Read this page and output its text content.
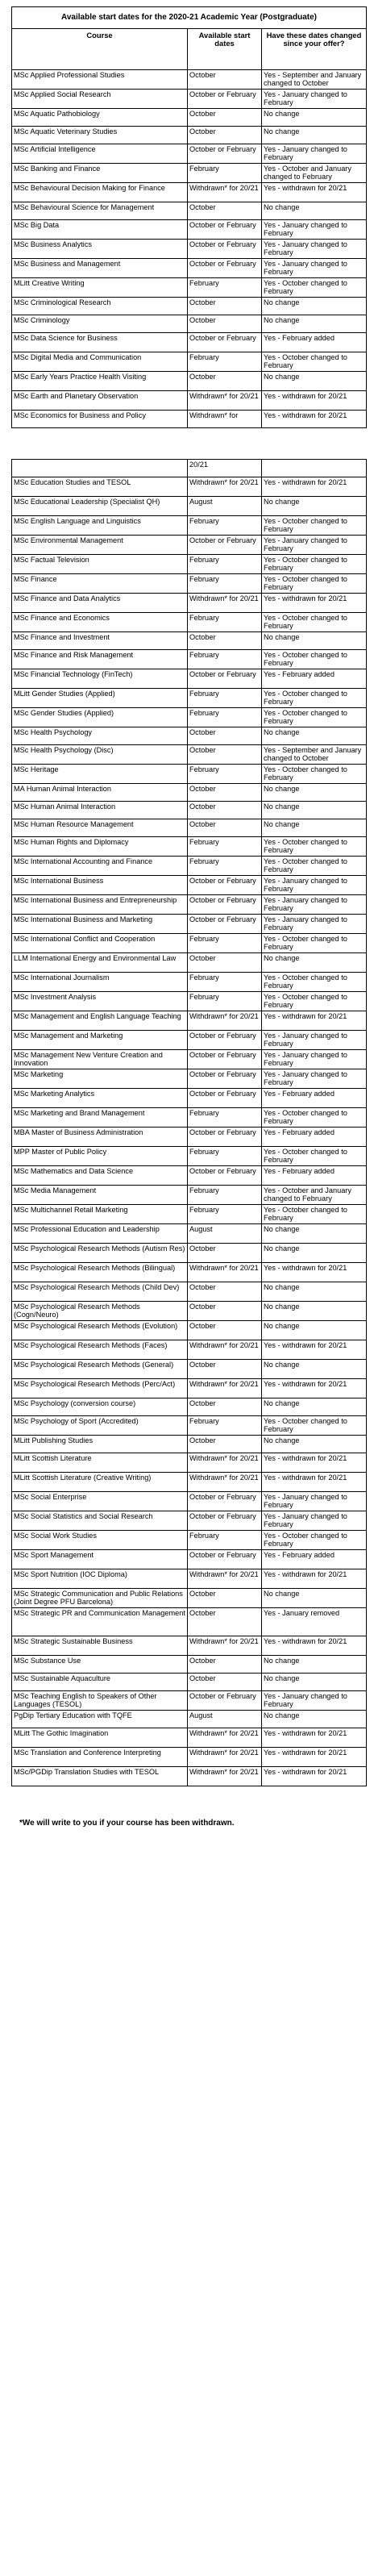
Available start dates for the 2020-21 Academic Year (Postgraduate)		
Course	Available start dates	Have these dates changed since your offer?
MSc Applied Professional Studies	October	Yes - September and January changed to October
MSc Applied Social Research	October or February	Yes - January changed to February
MSc Aquatic Pathobiology	October	No change
MSc Aquatic Veterinary Studies	October	No change
MSc Artificial Intelligence	October or February	Yes - January changed to February
MSc Banking and Finance	February	Yes - October and January changed to February
MSc Behavioural Decision Making for Finance	Withdrawn* for 20/21	Yes - withdrawn for 20/21
MSc Behavioural Science for Management	October	No change
MSc Big Data	October or February	Yes - January changed to February
MSc Business Analytics	October or February	Yes - January changed to February
MSc Business and Management	October or February	Yes - January changed to February
MLitt Creative Writing	February	Yes - October changed to February
MSc Criminological Research	October	No change
MSc Criminology	October	No change
MSc Data Science for Business	October or February	Yes - February added
MSc Digital Media and Communication	February	Yes - October changed to February
MSc Early Years Practice Health Visiting	October	No change
MSc Earth and Planetary Observation	Withdrawn* for 20/21	Yes - withdrawn for 20/21
MSc Economics for Business and Policy	Withdrawn* for	Yes - withdrawn for 20/21
	20/21	
MSc Education Studies and TESOL	Withdrawn* for 20/21	Yes - withdrawn for 20/21
MSc Educational Leadership (Specialist QH)	August	No change
MSc English Language and Linguistics	February	Yes - October changed to February
MSc Environmental Management	October or February	Yes - January changed to February
MSc Factual Television	February	Yes - October changed to February
MSc Finance	February	Yes - October changed to February
MSc Finance and Data Analytics	Withdrawn* for 20/21	Yes - withdrawn for 20/21
MSc Finance and Economics	February	Yes - October changed to February
MSc Finance and Investment	October	No change
MSc Finance and Risk Management	February	Yes - October changed to February
MSc Financial Technology (FinTech)	October or February	Yes - February added
MLitt Gender Studies (Applied)	February	Yes - October changed to February
MSc Gender Studies (Applied)	February	Yes - October changed to February
MSc Health Psychology	October	No change
MSc Health Psychology (Disc)	October	Yes - September and January changed to October
MSc Heritage	February	Yes - October changed to February
MA Human Animal Interaction	October	No change
MSc Human Animal Interaction	October	No change
MSc Human Resource Management	October	No change
MSc Human Rights and Diplomacy	February	Yes - October changed to February
MSc International Accounting and Finance	February	Yes - October changed to February
MSc International Business	October or February	Yes - January changed to February
MSc International Business and Entrepreneurship	October or February	Yes - January changed to February
MSc International Business and Marketing	October or February	Yes - January changed to February
MSc International Conflict and Cooperation	February	Yes - October changed to February
LLM International Energy and Environmental Law	October	No change
MSc International Journalism	February	Yes - October changed to February
MSc Investment Analysis	February	Yes - October changed to February
MSc Management and English Language Teaching	Withdrawn* for 20/21	Yes - withdrawn for 20/21
MSc Management and Marketing	October or February	Yes - January changed to February
MSc Management New Venture Creation and Innovation	October or February	Yes - January changed to February
MSc Marketing	October or February	Yes - January changed to February
MSc Marketing Analytics	October or February	Yes - February added
MSc Marketing and Brand Management	February	Yes - October changed to February
MBA Master of Business Administration	October or February	Yes - February added
MPP Master of Public Policy	February	Yes - October changed to February
MSc Mathematics and Data Science	October or February	Yes - February added
MSc Media Management	February	Yes - October and January changed to February
MSc Multichannel Retail Marketing	February	Yes - October changed to February
MSc Professional Education and Leadership	August	No change
MSc Psychological Research Methods (Autism Res)	October	No change
MSc Psychological Research Methods (Bilingual)	Withdrawn* for 20/21	Yes - withdrawn for 20/21
MSc Psychological Research Methods (Child Dev)	October	No change
MSc Psychological Research Methods (Cogn/Neuro)	October	No change
MSc Psychological Research Methods (Evolution)	October	No change
MSc Psychological Research Methods (Faces)	Withdrawn* for 20/21	Yes - withdrawn for 20/21
MSc Psychological Research Methods (General)	October	No change
MSc Psychological Research Methods (Perc/Act)	Withdrawn* for 20/21	Yes - withdrawn for 20/21
MSc Psychology (conversion course)	October	No change
MSc Psychology of Sport (Accredited)	February	Yes - October changed to February
MLitt Publishing Studies	October	No change
MLitt Scottish Literature	Withdrawn* for 20/21	Yes - withdrawn for 20/21
MLitt Scottish Literature (Creative Writing)	Withdrawn* for 20/21	Yes - withdrawn for 20/21
MSc Social Enterprise	October or February	Yes - January changed to February
MSc Social Statistics and Social Research	October or February	Yes - January changed to February
MSc Social Work Studies	February	Yes - October changed to February
MSc Sport Management	October or February	Yes - February added
MSc Sport Nutrition (IOC Diploma)	Withdrawn* for 20/21	Yes - withdrawn for 20/21
MSc Strategic Communication and Public Relations (Joint Degree PFU Barcelona)	October	No change
MSc Strategic PR and Communication Management	October	Yes - January removed
MSc Strategic Sustainable Business	Withdrawn* for 20/21	Yes - withdrawn for 20/21
MSc Substance Use	October	No change
MSc Sustainable Aquaculture	October	No change
MSc Teaching English to Speakers of Other Languages (TESOL)	October or February	Yes - January changed to February
PgDip Tertiary Education with TQFE	August	No change
MLitt The Gothic Imagination	Withdrawn* for 20/21	Yes - withdrawn for 20/21
MSc Translation and Conference Interpreting	Withdrawn* for 20/21	Yes - withdrawn for 20/21
MSc/PGDip Translation Studies with TESOL	Withdrawn* for 20/21	Yes - withdrawn for 20/21
*We will write to you if your course has been withdrawn.
